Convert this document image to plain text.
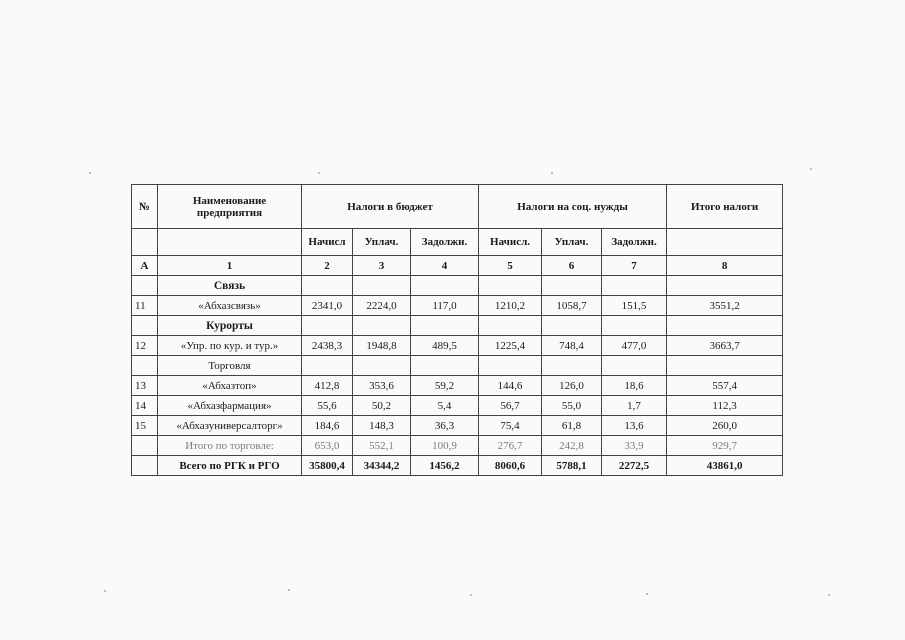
№	Наименование предприятия	Налоги в бюджет			Налоги на соц. нужды			Итого налоги
		Начисл	Уплач.	Задолжн.	Начисл.	Уплач.	Задолжн.	
А	1	2	3	4	5	6	7	8
	Связь							
11	«Абхазсвязь»	2341,0	2224,0	117,0	1210,2	1058,7	151,5	3551,2
	Курорты							
12	«Упр. по кур. и тур.»	2438,3	1948,8	489,5	1225,4	748,4	477,0	3663,7
	Торговля							
13	«Абхазтоп»	412,8	353,6	59,2	144,6	126,0	18,6	557,4
14	«Абхазфармация»	55,6	50,2	5,4	56,7	55,0	1,7	112,3
15	«Абхазуниверсалторг»	184,6	148,3	36,3	75,4	61,8	13,6	260,0
	Итого по торговле:	653,0	552,1	100,9	276,7	242,8	33,9	929,7
	Всего по РГК и РГО	35800,4	34344,2	1456,2	8060,6	5788,1	2272,5	43861,0
